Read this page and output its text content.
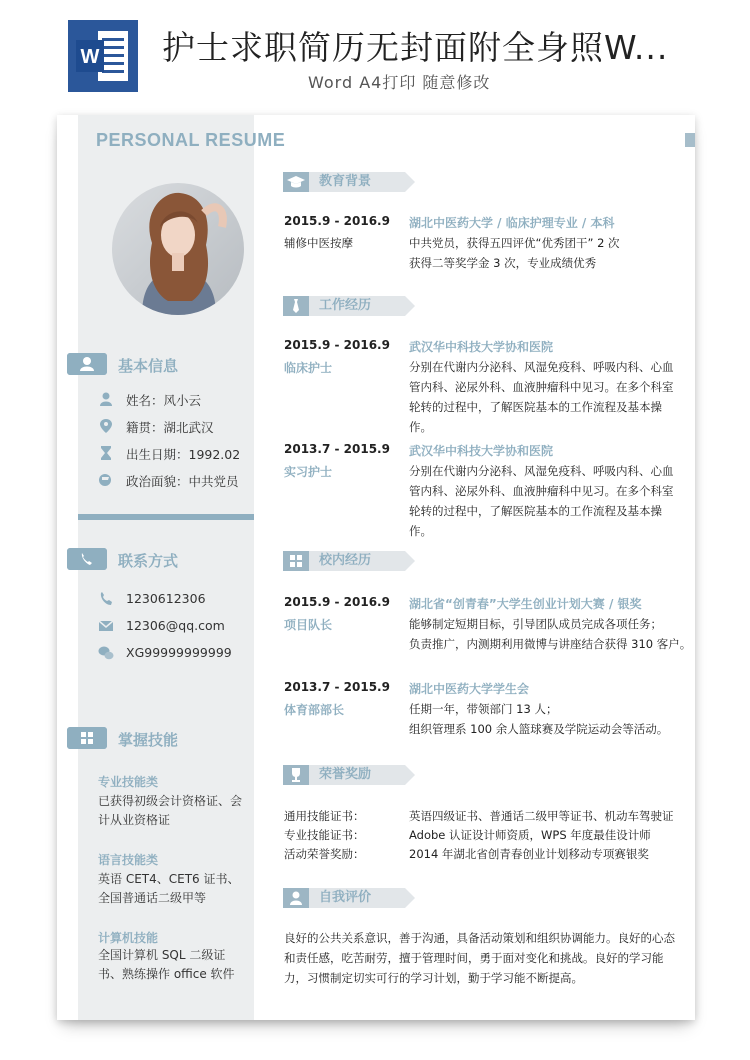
W 护士求职简历无封面附全身照W...
Word A4打印 随意修改
PERSONAL RESUME
基本信息
姓名：风小云
籍贯：湖北武汉
出生日期：1992.02
政治面貌：中共党员
联系方式
1230612306
12306@qq.com
XG99999999999
掌握技能
专业技能类
已获得初级会计资格证、会计从业资格证
语言技能类
英语 CET4、CET6 证书、全国普通话二级甲等
计算机技能
全国计算机 SQL 二级证书、熟练操作 office 软件
教育背景
2015.9 - 2016.9
辅修中医按摩
湖北中医药大学 / 临床护理专业 / 本科
中共党员，获得五四评优“优秀团干” 2 次
获得二等奖学金 3 次，专业成绩优秀
工作经历
2015.9 - 2016.9
临床护士
武汉华中科技大学协和医院
分别在代谢内分泌科、风湿免疫科、呼吸内科、心血管内科、泌尿外科、血液肿瘤科中见习。在多个科室轮转的过程中，了解医院基本的工作流程及基本操作。
2013.7 - 2015.9
实习护士
武汉华中科技大学协和医院
分别在代谢内分泌科、风湿免疫科、呼吸内科、心血管内科、泌尿外科、血液肿瘤科中见习。在多个科室轮转的过程中，了解医院基本的工作流程及基本操作。
校内经历
2015.9 - 2016.9
项目队长
湖北省“创青春”大学生创业计划大赛 / 银奖
能够制定短期目标，引导团队成员完成各项任务；
负责推广，内测期利用微博与讲座结合获得 310 客户。
2013.7 - 2015.9
体育部部长
湖北中医药大学学生会
任期一年，带领部门 13 人；
组织管理系 100 余人篮球赛及学院运动会等活动。
荣誉奖励
通用技能证书：	英语四级证书、普通话二级甲等证书、机动车驾驶证
专业技能证书：	Adobe 认证设计师资质，WPS 年度最佳设计师
活动荣誉奖励：	2014 年湖北省创青春创业计划移动专项赛银奖
自我评价
良好的公共关系意识，善于沟通，具备活动策划和组织协调能力。良好的心态和责任感，吃苦耐劳，擅于管理时间，勇于面对变化和挑战。良好的学习能力，习惯制定切实可行的学习计划，勤于学习能不断提高。
